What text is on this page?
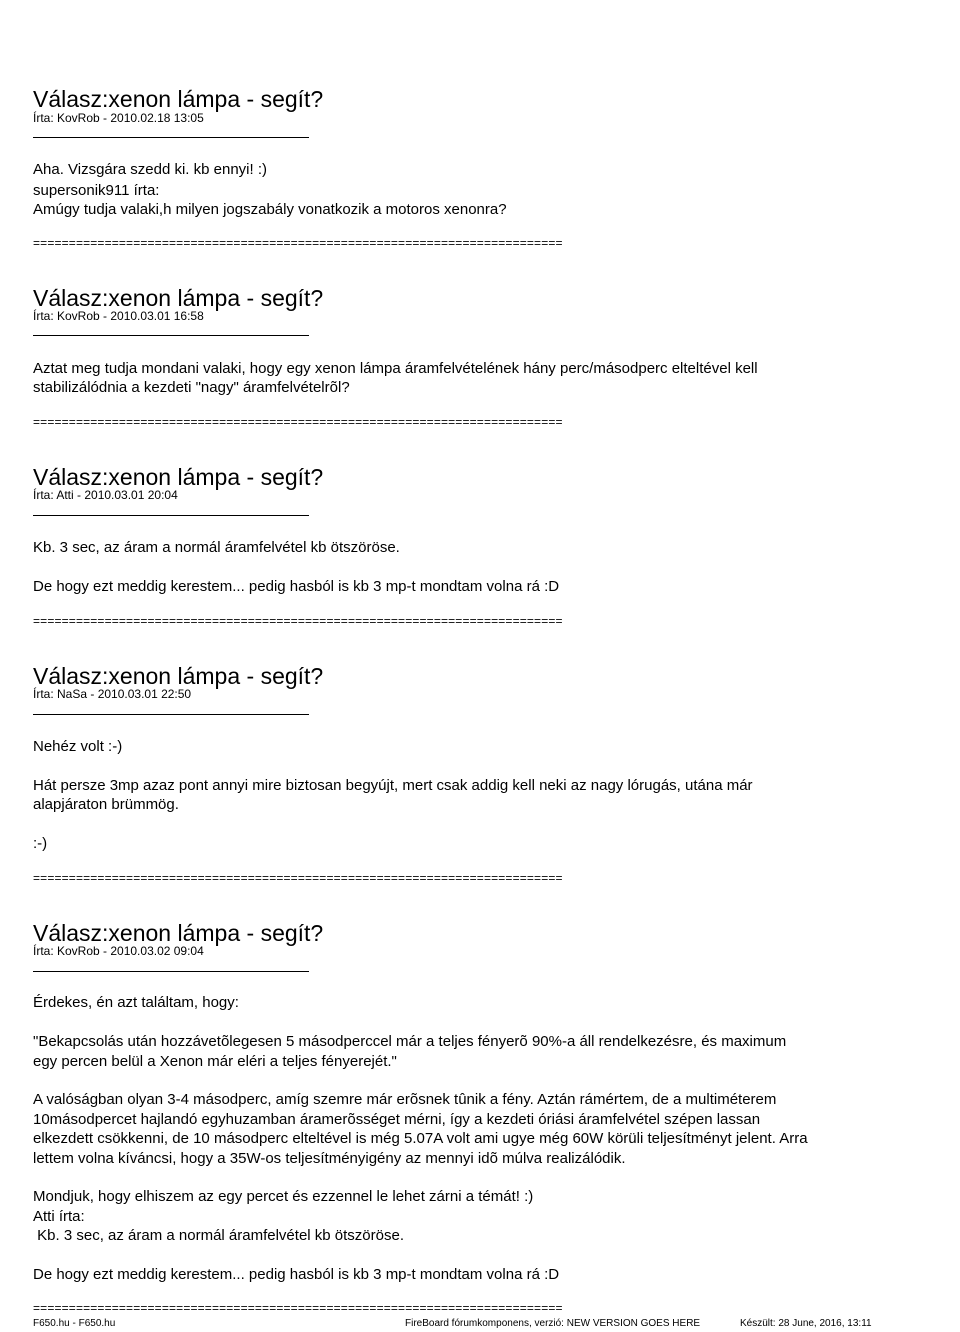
Válasz:xenon lámpa - segít?
Írta: KovRob - 2010.02.18 13:05
Aha. Vizsgára szedd ki. kb ennyi! :)
supersonik911 írta:
Amúgy tudja valaki,h milyen jogszabály vonatkozik a motoros xenonra?
==========================================================================
Válasz:xenon lámpa - segít?
Írta: KovRob - 2010.03.01 16:58
Aztat meg tudja mondani valaki, hogy egy xenon lámpa áramfelvételének hány perc/másodperc elteltével kell
stabilizálódnia a kezdeti "nagy" áramfelvételrõl?
==========================================================================
Válasz:xenon lámpa - segít?
Írta: Atti - 2010.03.01 20:04
Kb. 3 sec, az áram a normál áramfelvétel kb ötszöröse.
De hogy ezt meddig kerestem... pedig hasból is kb 3 mp-t mondtam volna rá :D
==========================================================================
Válasz:xenon lámpa - segít?
Írta: NaSa - 2010.03.01 22:50
Nehéz volt :-)
Hát persze 3mp azaz pont annyi mire biztosan begyújt, mert csak addig kell neki az nagy lórugás, utána már
alapjáraton brümmög.
:-)
==========================================================================
Válasz:xenon lámpa - segít?
Írta: KovRob - 2010.03.02 09:04
Érdekes, én azt találtam, hogy:
"Bekapcsolás után hozzávetõlegesen 5 másodperccel már a teljes fényerõ 90%-a áll rendelkezésre, és maximum
egy percen belül a Xenon már eléri a teljes fényerejét."
A valóságban olyan 3-4 másodperc, amíg szemre már erõsnek tûnik a fény. Aztán rámértem, de a multiméterem
10másodpercet hajlandó egyhuzamban áramerõsséget mérni, így a kezdeti óriási áramfelvétel szépen lassan
elkezdett csökkenni, de 10 másodperc elteltével is még 5.07A volt ami ugye még 60W körüli teljesítményt jelent. Arra
lettem volna kíváncsi, hogy a 35W-os teljesítményigény az mennyi idõ múlva realizálódik.
Mondjuk, hogy elhiszem az egy percet és ezzennel le lehet zárni a témát! :)
Atti írta:
Kb. 3 sec, az áram a normál áramfelvétel kb ötszöröse.
De hogy ezt meddig kerestem... pedig hasból is kb 3 mp-t mondtam volna rá :D
==========================================================================
F650.hu - F650.hu	FireBoard fórumkomponens, verzió: NEW VERSION GOES HERE	Készült: 28 June, 2016, 13:11
